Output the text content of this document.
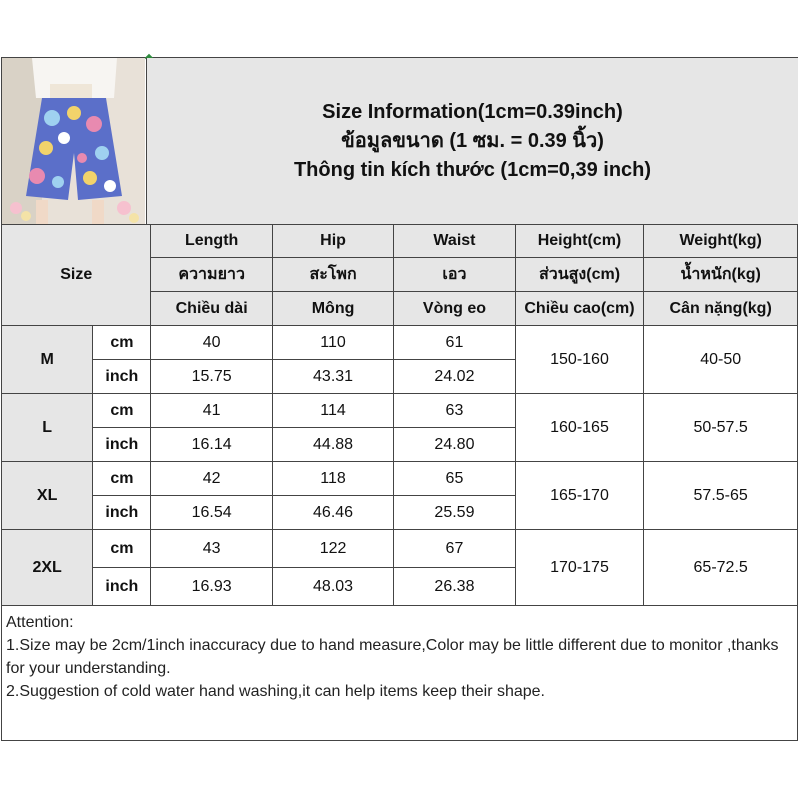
Size Information(1cm=0.39inch)
ข้อมูลขนาด (1 ซม. = 0.39 นิ้ว)
Thông tin kích thước (1cm=0,39 inch)
Size		Length	Hip	Waist	Height(cm)	Weight(kg)
		ความยาว	สะโพก	เอว	ส่วนสูง(cm)	น้ำหนัก(kg)
		Chiều dài	Mông	Vòng eo	Chiều cao(cm)	Cân nặng(kg)
M	cm	40	110	61	150-160	40-50
	inch	15.75	43.31	24.02		
L	cm	41	114	63	160-165	50-57.5
	inch	16.14	44.88	24.80		
XL	cm	42	118	65	165-170	57.5-65
	inch	16.54	46.46	25.59		
2XL	cm	43	122	67	170-175	65-72.5
	inch	16.93	48.03	26.38		
Attention:
1.Size may be 2cm/1inch inaccuracy due to hand measure,Color may be little different due to monitor ,thanks for your understanding.
2.Suggestion of cold water hand washing,it can help items keep their shape.
